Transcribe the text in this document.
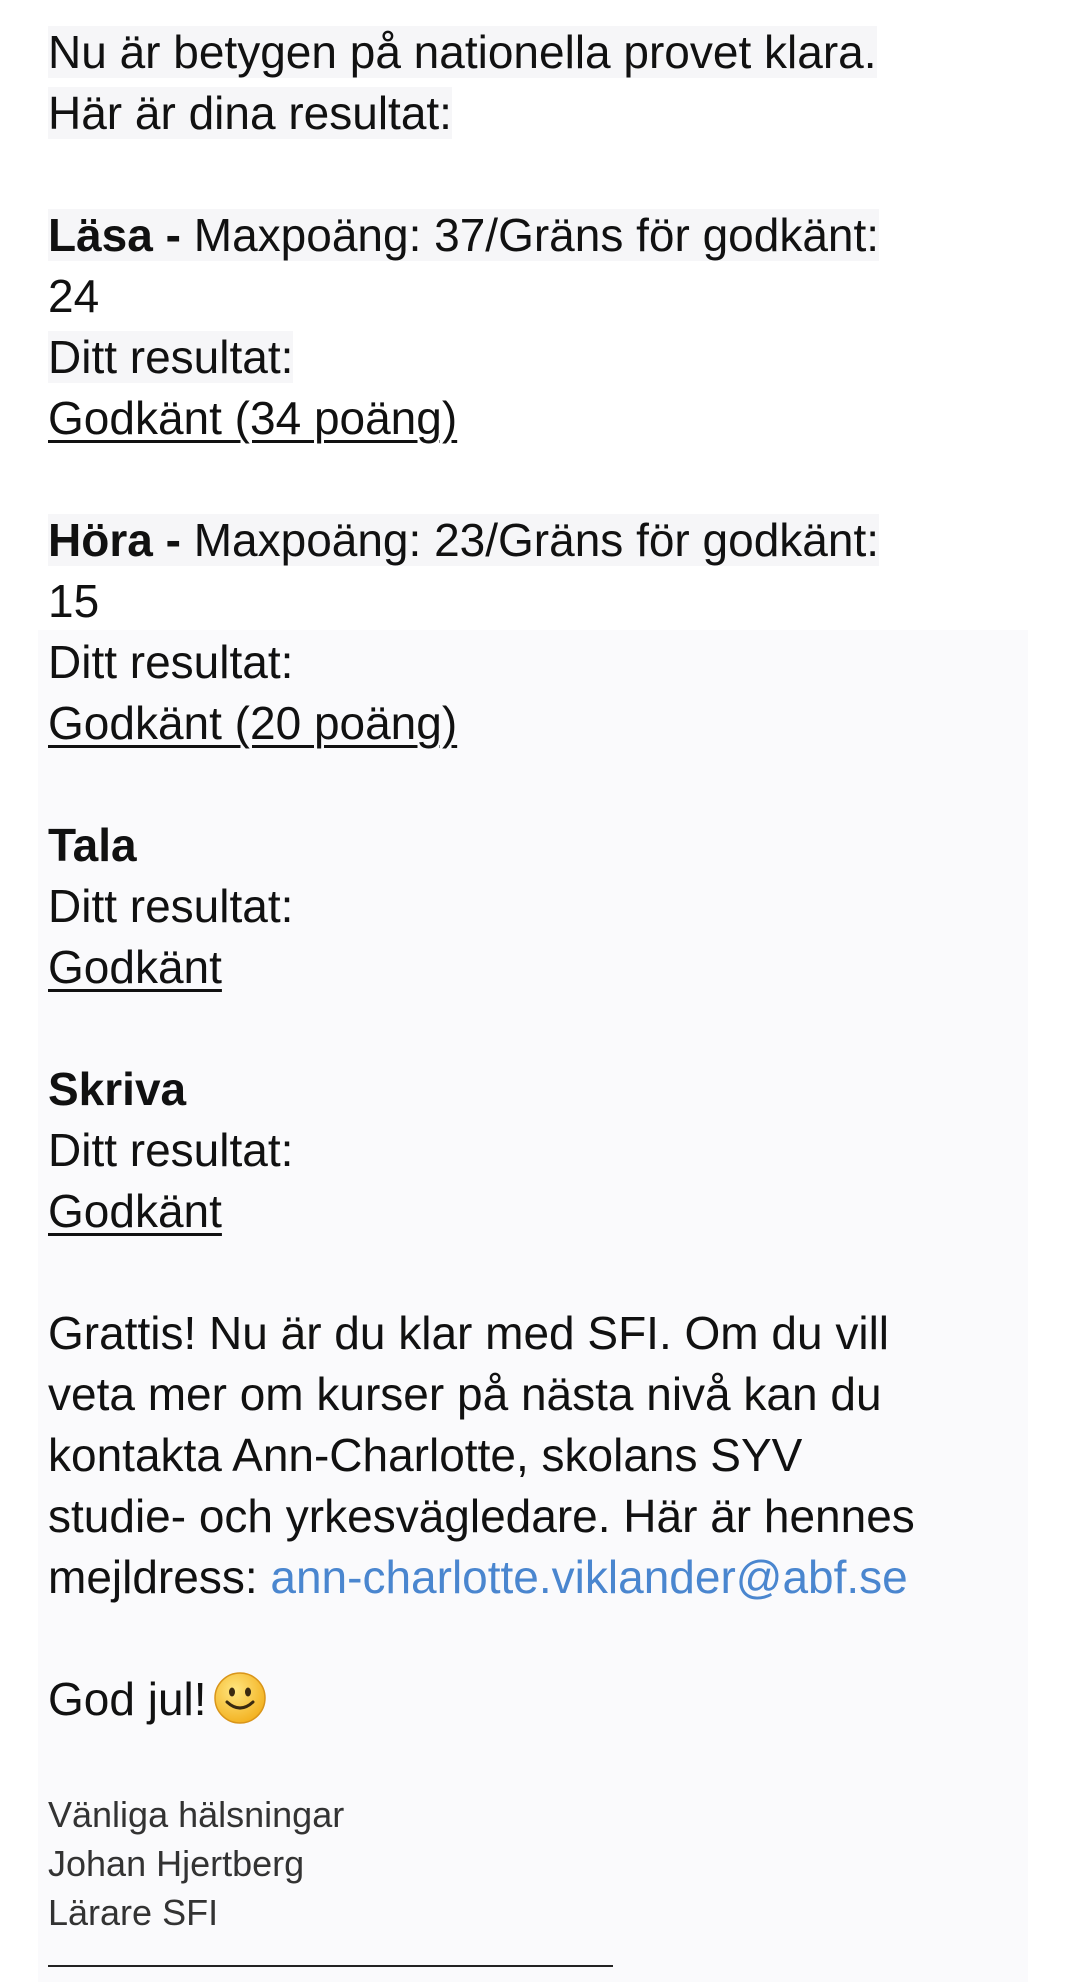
Nu är betygen på nationella provet klara.
Här är dina resultat:
Läsa - Maxpoäng: 37/Gräns för godkänt:
24
Ditt resultat:
Godkänt (34 poäng)
Höra - Maxpoäng: 23/Gräns för godkänt:
15
Ditt resultat:
Godkänt (20 poäng)
Tala
Ditt resultat:
Godkänt
Skriva
Ditt resultat:
Godkänt
Grattis! Nu är du klar med SFI. Om du vill
veta mer om kurser på nästa nivå kan du
kontakta Ann-Charlotte, skolans SYV
studie- och yrkesvägledare. Här är hennes
mejldress: ann-charlotte.viklander@abf.se
God jul!
Vänliga hälsningar
Johan Hjertberg
Lärare SFI
